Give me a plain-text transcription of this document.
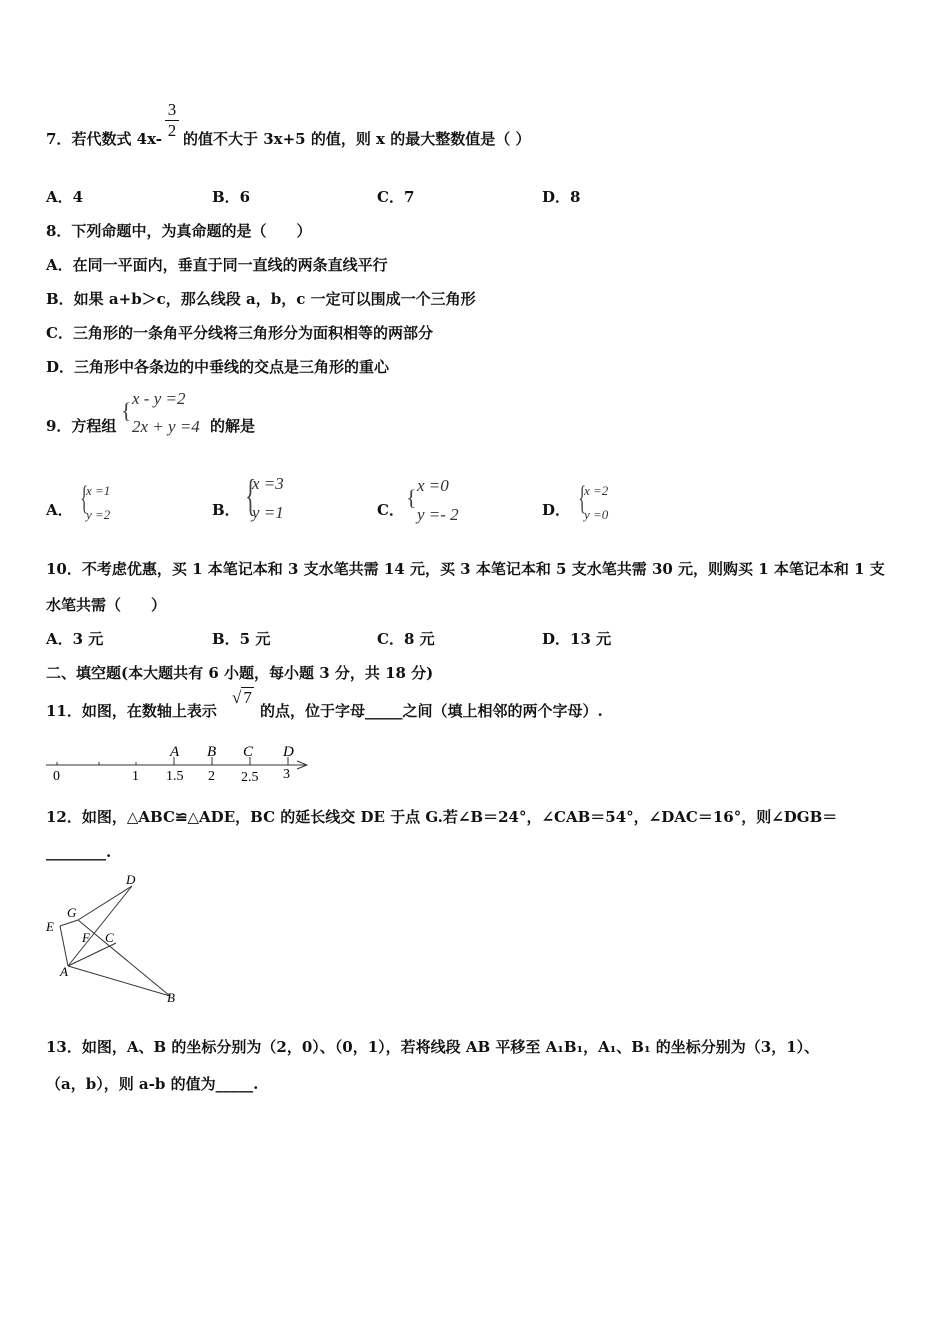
7．若代数式 4x-
3
2 的值不大于 3x+5 的值，则 x 的最大整数值是（ ）
A．4	B．6	C．7	D．8
8．下列命题中，为真命题的是（　　）
A．在同一平面内，垂直于同一直线的两条直线平行
B．如果 a+b＞c，那么线段 a，b，c 一定可以围成一个三角形
C．三角形的一条角平分线将三角形分为面积相等的两部分
D．三角形中各条边的中垂线的交点是三角形的重心
9．方程组
{ x - y =2
2x + y =4 的解是
A． {
x =1
y =2	B． {
x =3
y =1	C． { x =0
y =- 2	D． {
x =2
y =0
10．不考虑优惠，买 1 本笔记本和 3 支水笔共需 14 元，买 3 本笔记本和 5 支水笔共需 30 元，则购买 1 本笔记本和 1 支
水笔共需（　　）
A．3 元	B．5 元	C．8 元	D．13 元
二、填空题(本大题共有 6 小题，每小题 3 分，共 18 分)
11．如图，在数轴上表示
√ 7
的点，位于字母_____之间（填上相邻的两个字母）.
A B C D
0	1 1.5 2 2.5 3
12．如图，△ABC≌△ADE，BC 的延长线交 DE 于点 G.若∠B＝24°，∠CAB＝54°，∠DAC＝16°，则∠DGB＝
________.
D
G
E
F C
A
B
13．如图，A、B 的坐标分别为（2，0）、（0，1），若将线段 AB 平移至 A₁B₁，A₁、B₁ 的坐标分别为（3，1）、
（a，b），则 a-b 的值为_____.
